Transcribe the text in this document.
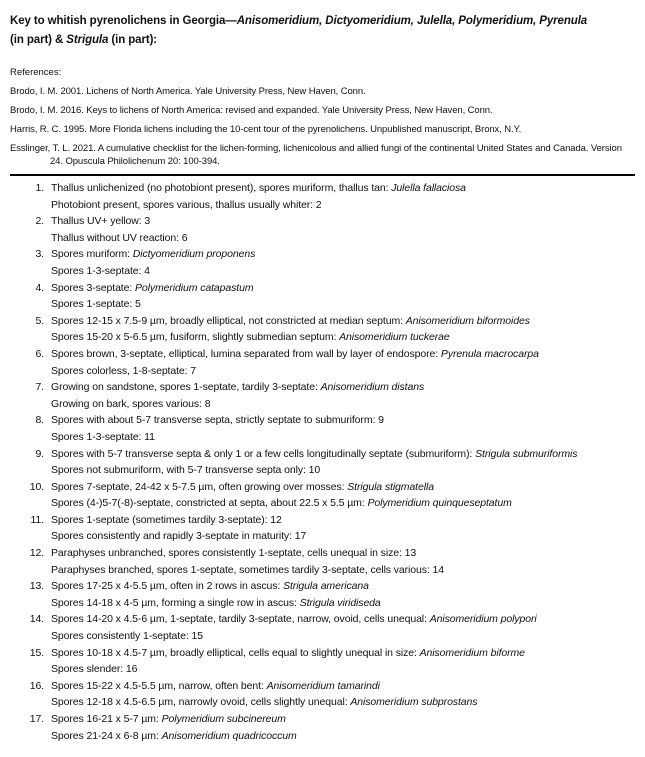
Key to whitish pyrenolichens in Georgia—Anisomeridium, Dictyomeridium, Julella, Polymeridium, Pyrenula
(in part) & Strigula (in part):
References:
Brodo, I. M. 2001. Lichens of North America. Yale University Press, New Haven, Conn.
Brodo, I. M. 2016. Keys to lichens of North America: revised and expanded. Yale University Press, New Haven, Conn.
Harris, R. C. 1995. More Florida lichens including the 10-cent tour of the pyrenolichens. Unpublished manuscript, Bronx, N.Y.
Esslinger, T. L. 2021. A cumulative checklist for the lichen-forming, lichenicolous and allied fungi of the continental United States and Canada. Version 24. Opuscula Philolichenum 20: 100-394.
1. Thallus unlichenized (no photobiont present), spores muriform, thallus tan: Julella fallaciosa
Photobiont present, spores various, thallus usually whiter: 2
2. Thallus UV+ yellow: 3
Thallus without UV reaction: 6
3. Spores muriform: Dictyomeridium proponens
Spores 1-3-septate: 4
4. Spores 3-septate: Polymeridium catapastum
Spores 1-septate: 5
5. Spores 12-15 x 7.5-9 µm, broadly elliptical, not constricted at median septum: Anisomeridium biformoides
Spores 15-20 x 5-6.5 µm, fusiform, slightly submedian septum: Anisomeridium tuckerae
6. Spores brown, 3-septate, elliptical, lumina separated from wall by layer of endospore: Pyrenula macrocarpa
Spores colorless, 1-8-septate: 7
7. Growing on sandstone, spores 1-septate, tardily 3-septate: Anisomeridium distans
Growing on bark, spores various: 8
8. Spores with about 5-7 transverse septa, strictly septate to submuriform: 9
Spores 1-3-septate: 11
9. Spores with 5-7 transverse septa & only 1 or a few cells longitudinally septate (submuriform): Strigula submuriformis
Spores not submuriform, with 5-7 transverse septa only: 10
10. Spores 7-septate, 24-42 x 5-7.5 µm, often growing over mosses: Strigula stigmatella
Spores (4-)5-7(-8)-septate, constricted at septa, about 22.5 x 5.5 µm: Polymeridium quinqueseptatum
11. Spores 1-septate (sometimes tardily 3-septate): 12
Spores consistently and rapidly 3-septate in maturity: 17
12. Paraphyses unbranched, spores consistently 1-septate, cells unequal in size: 13
Paraphyses branched, spores 1-septate, sometimes tardily 3-septate, cells various: 14
13. Spores 17-25 x 4-5.5 µm, often in 2 rows in ascus: Strigula americana
Spores 14-18 x 4-5 µm, forming a single row in ascus: Strigula viridiseda
14. Spores 14-20 x 4.5-6 µm, 1-septate, tardily 3-septate, narrow, ovoid, cells unequal: Anisomeridium polypori
Spores consistently 1-septate: 15
15. Spores 10-18 x 4.5-7 µm, broadly elliptical, cells equal to slightly unequal in size: Anisomeridium biforme
Spores slender: 16
16. Spores 15-22 x 4.5-5.5 µm, narrow, often bent: Anisomeridium tamarindi
Spores 12-18 x 4.5-6.5 µm, narrowly ovoid, cells slightly unequal: Anisomeridium subprostans
17. Spores 16-21 x 5-7 µm: Polymeridium subcinereum
Spores 21-24 x 6-8 µm: Anisomeridium quadricoccum
